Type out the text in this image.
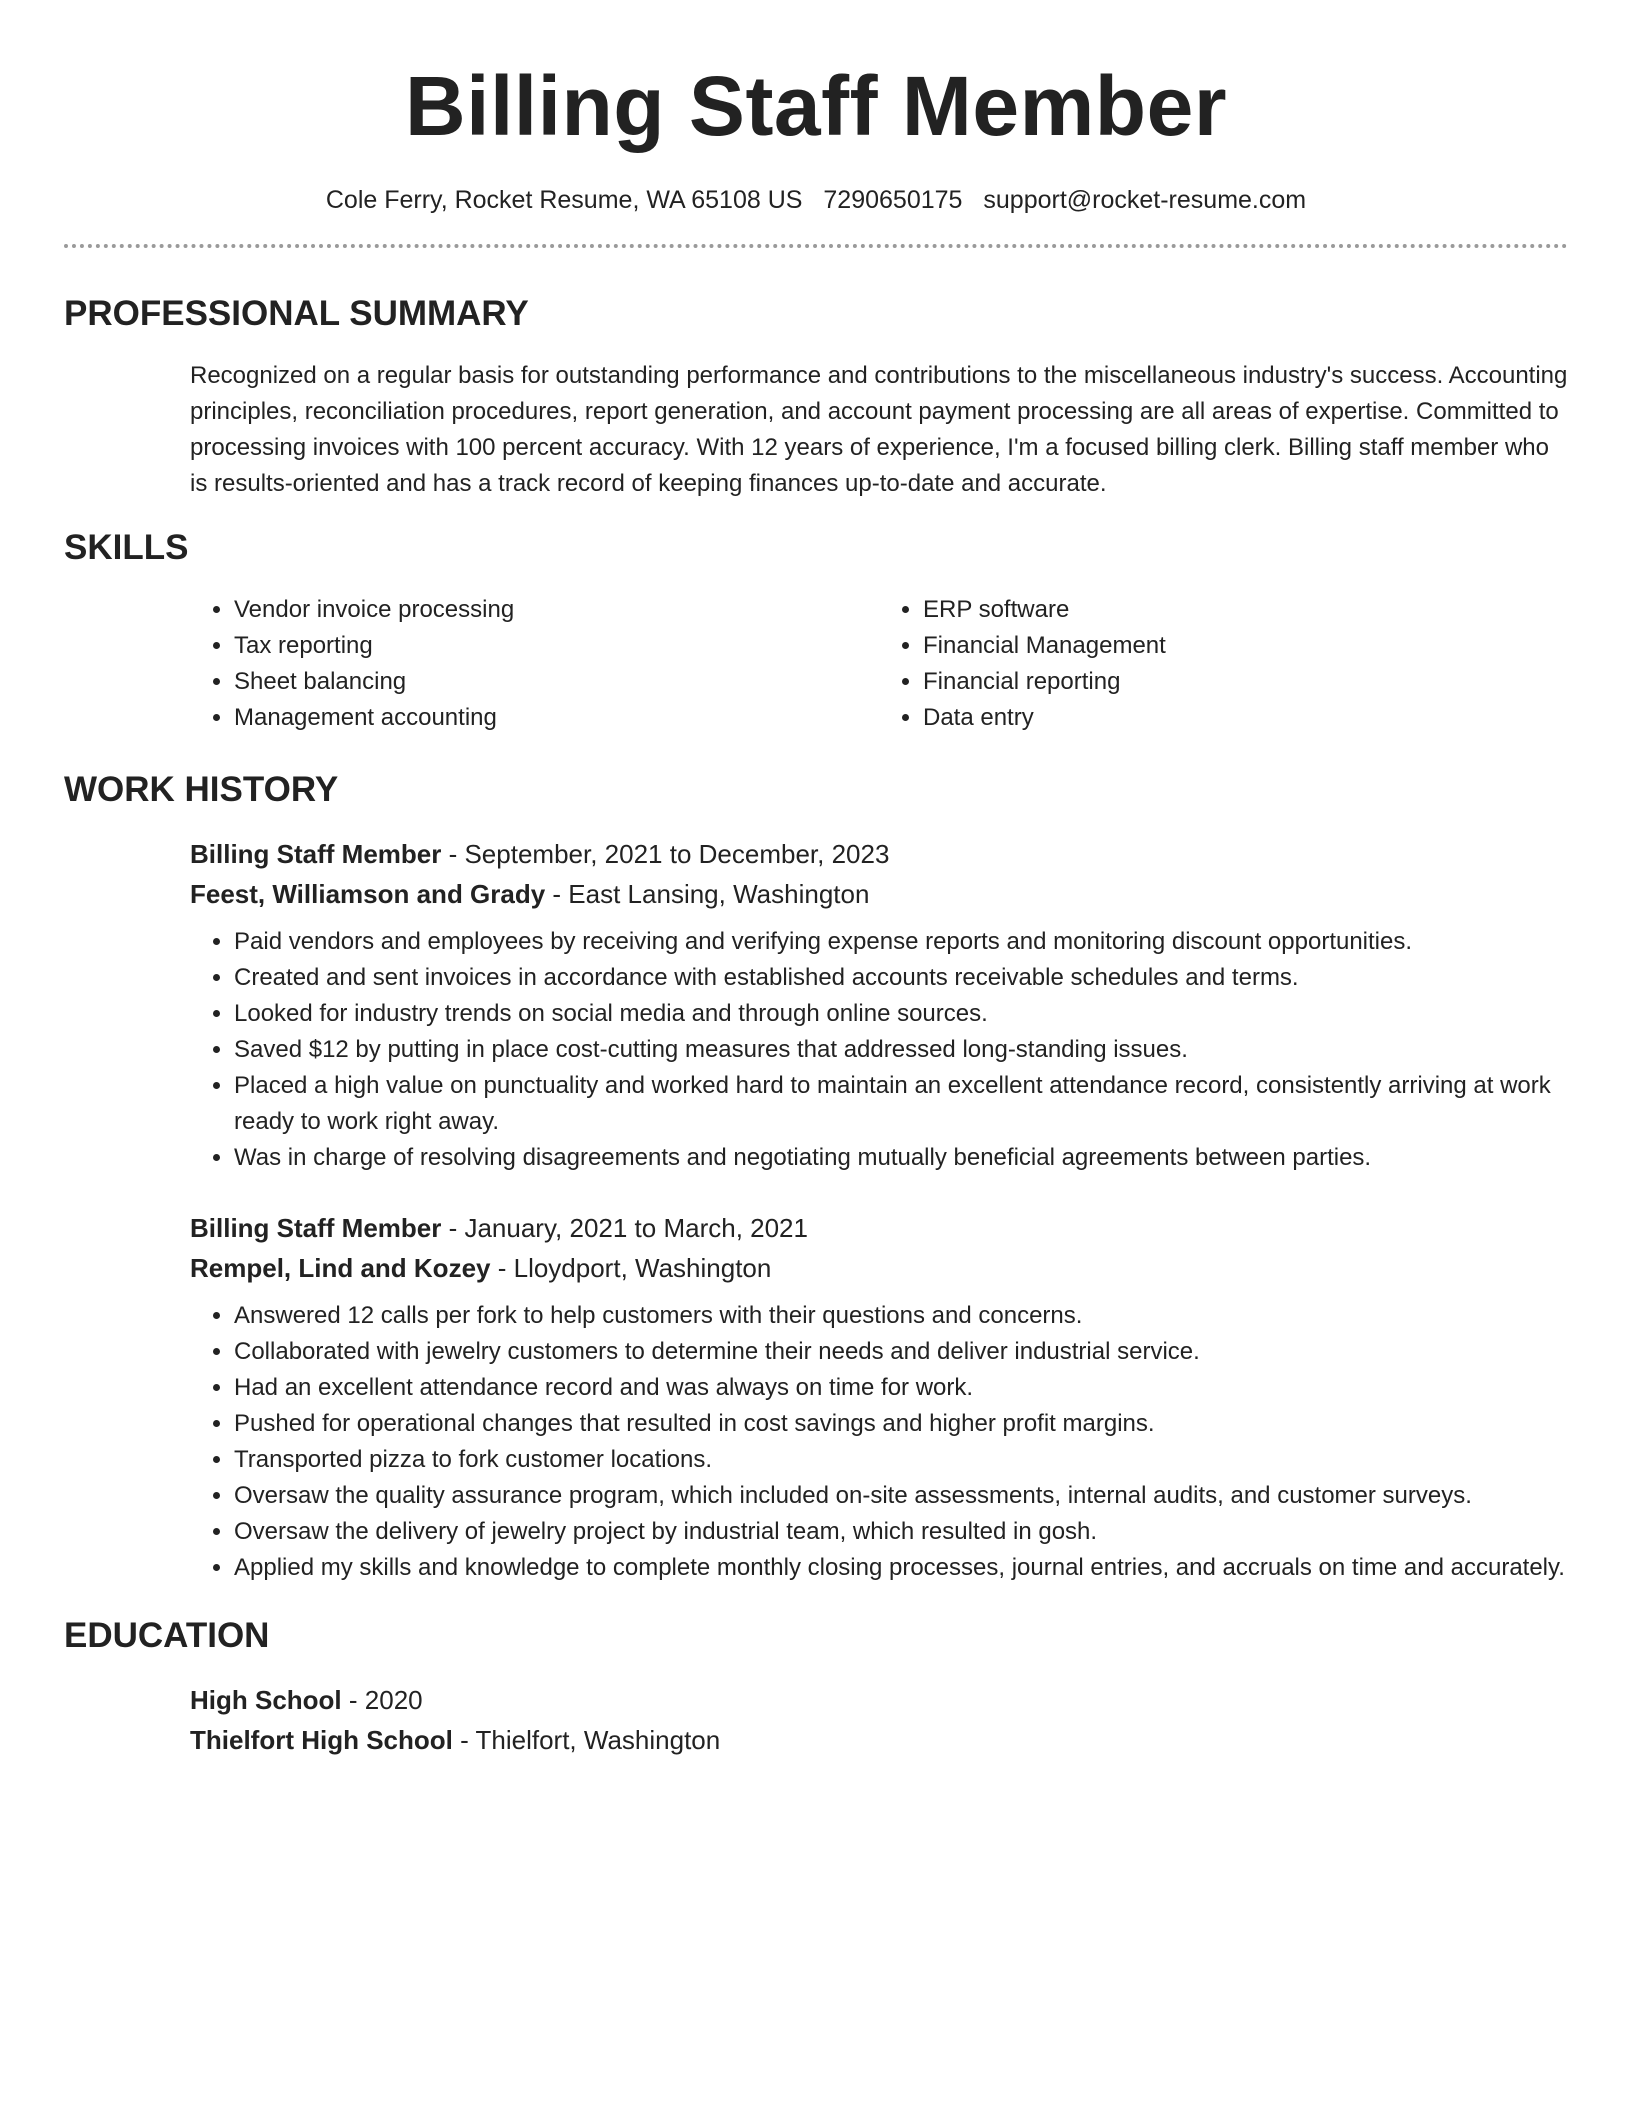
Billing Staff Member
Cole Ferry, Rocket Resume, WA 65108 US 7290650175 support@rocket-resume.com
PROFESSIONAL SUMMARY

Recognized on a regular basis for outstanding performance and contributions to the miscellaneous industry's success. Accounting principles, reconciliation procedures, report generation, and account payment processing are all areas of expertise. Committed to processing invoices with 100 percent accuracy. With 12 years of experience, I'm a focused billing clerk. Billing staff member who is results-oriented and has a track record of keeping finances up-to-date and accurate.

SKILLS
• Vendor invoice processing
• Tax reporting
• Sheet balancing
• Management accounting
• ERP software
• Financial Management
• Financial reporting
• Data entry
WORK HISTORY
Billing Staff Member - September, 2021 to December, 2023
Feest, Williamson and Grady - East Lansing, Washington
• Paid vendors and employees by receiving and verifying expense reports and monitoring discount opportunities.
• Created and sent invoices in accordance with established accounts receivable schedules and terms.
• Looked for industry trends on social media and through online sources.
• Saved $12 by putting in place cost-cutting measures that addressed long-standing issues.
• Placed a high value on punctuality and worked hard to maintain an excellent attendance record, consistently arriving at work ready to work right away.
• Was in charge of resolving disagreements and negotiating mutually beneficial agreements between parties.
Billing Staff Member - January, 2021 to March, 2021
Rempel, Lind and Kozey - Lloydport, Washington
• Answered 12 calls per fork to help customers with their questions and concerns.
• Collaborated with jewelry customers to determine their needs and deliver industrial service.
• Had an excellent attendance record and was always on time for work.
• Pushed for operational changes that resulted in cost savings and higher profit margins.
• Transported pizza to fork customer locations.
• Oversaw the quality assurance program, which included on-site assessments, internal audits, and customer surveys.
• Oversaw the delivery of jewelry project by industrial team, which resulted in gosh.
• Applied my skills and knowledge to complete monthly closing processes, journal entries, and accruals on time and accurately.
EDUCATION
High School - 2020
Thielfort High School - Thielfort, Washington
